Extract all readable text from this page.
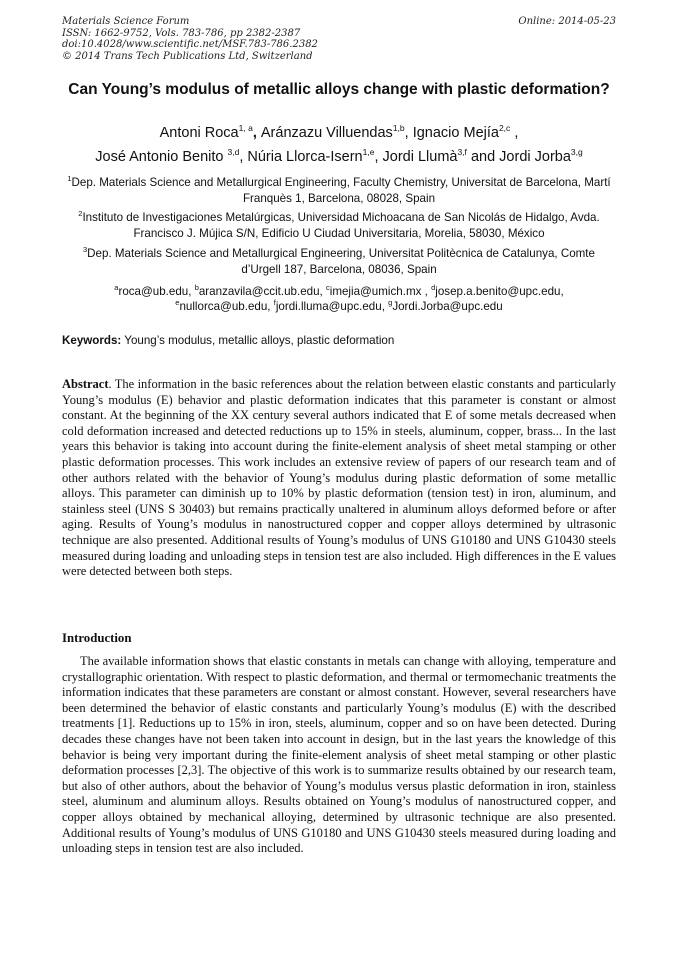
Materials Science Forum
ISSN: 1662-9752, Vols. 783-786, pp 2382-2387
doi:10.4028/www.scientific.net/MSF.783-786.2382
© 2014 Trans Tech Publications Ltd, Switzerland
Online: 2014-05-23
Can Young’s modulus of metallic alloys change with plastic deformation?
Antoni Roca$^{1, a}$, Aránzazu Villuendas$^{1,b}$, Ignacio Mejía$^{2,c}$ ,
José Antonio Benito $^{3,d}$, Núria Llorca-Isern$^{1,e}$, Jordi Llumà$^{3,f}$ and Jordi Jorba$^{3,g}$
$^1$Dep. Materials Science and Metallurgical Engineering, Faculty Chemistry, Universitat de Barcelona, Martí Franquès 1, Barcelona, 08028, Spain
$^2$Instituto de Investigaciones Metalúrgicas, Universidad Michoacana de San Nicolás de Hidalgo, Avda. Francisco J. Mújica S/N, Edificio U Ciudad Universitaria, Morelia, 58030, México
$^3$Dep. Materials Science and Metallurgical Engineering, Universitat Politècnica de Catalunya, Comte d’Urgell 187, Barcelona, 08036, Spain
$^a$roca@ub.edu, $^b$aranzavila@ccit.ub.edu, $^c$imejia@umich.mx , $^d$josep.a.benito@upc.edu,
$^e$nullorca@ub.edu, $^f$jordi.lluma@upc.edu, $^g$Jordi.Jorba@upc.edu
Keywords: Young’s modulus, metallic alloys, plastic deformation
Abstract. The information in the basic references about the relation between elastic constants and particularly Young’s modulus (E) behavior and plastic deformation indicates that this parameter is constant or almost constant. At the beginning of the XX century several authors indicated that E of some metals decreased when cold deformation increased and detected reductions up to 15% in steels, aluminum, copper, brass... In the last years this behavior is taking into account during the finite-element analysis of sheet metal stamping or other plastic deformation processes. This work includes an extensive review of papers of our research team and of other authors related with the behavior of Young’s modulus during plastic deformation of some metallic alloys. This parameter can diminish up to 10% by plastic deformation (tension test) in iron, aluminum, and stainless steel (UNS S 30403) but remains practically unaltered in aluminum alloys deformed before or after aging. Results of Young’s modulus in nanostructured copper and copper alloys determined by ultrasonic technique are also presented. Additional results of Young’s modulus of UNS G10180 and UNS G10430 steels measured during loading and unloading steps in tension test are also included. High differences in the E values were detected between both steps.
Introduction
The available information shows that elastic constants in metals can change with alloying, temperature and crystallographic orientation. With respect to plastic deformation, and thermal or termomechanic treatments the information indicates that these parameters are constant or almost constant. However, several researchers have been determined the behavior of elastic constants and particularly Young’s modulus (E) with the described treatments [1]. Reductions up to 15% in iron, steels, aluminum, copper and so on have been detected. During decades these changes have not been taken into account in design, but in the last years the knowledge of this behavior is being very important during the finite-element analysis of sheet metal stamping or other plastic deformation processes [2,3]. The objective of this work is to summarize results obtained by our research team, but also of other authors, about the behavior of Young’s modulus versus plastic deformation in iron, stainless steel, aluminum and aluminum alloys. Results obtained on Young’s modulus of nanostructured copper, and copper alloys obtained by mechanical alloying, determined by ultrasonic technique are also presented. Additional results of Young’s modulus of UNS G10180 and UNS G10430 steels measured during loading and unloading steps in tension test are also included.
